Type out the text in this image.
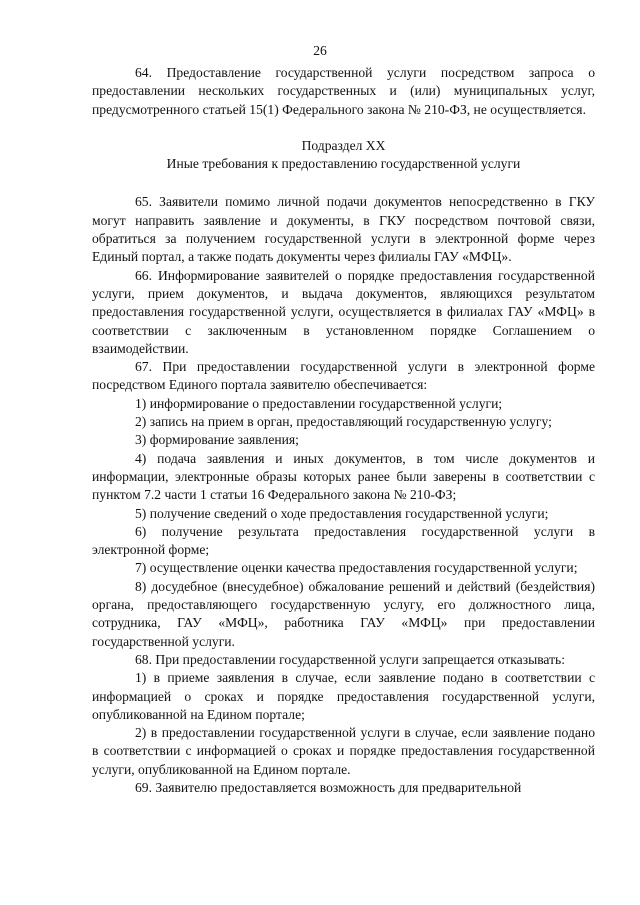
26

64. Предоставление государственной услуги посредством запроса о предоставлении нескольких государственных и (или) муниципальных услуг, предусмотренного статьей 15(1) Федерального закона № 210-ФЗ, не осуществляется.

Подраздел XX

Иные требования к предоставлению государственной услуги

65. Заявители помимо личной подачи документов непосредственно в ГКУ могут направить заявление и документы, в ГКУ посредством почтовой связи, обратиться за получением государственной услуги в электронной форме через Единый портал, а также подать документы через филиалы ГАУ «МФЦ».

66. Информирование заявителей о порядке предоставления государственной услуги, прием документов, и выдача документов, являющихся результатом предоставления государственной услуги, осуществляется в филиалах ГАУ «МФЦ» в соответствии с заключенным в установленном порядке Соглашением о взаимодействии.

67. При предоставлении государственной услуги в электронной форме посредством Единого портала заявителю обеспечивается:

1) информирование о предоставлении государственной услуги;

2) запись на прием в орган, предоставляющий государственную услугу;

3) формирование заявления;

4) подача заявления и иных документов, в том числе документов и информации, электронные образы которых ранее были заверены в соответствии с пунктом 7.2 части 1 статьи 16 Федерального закона № 210-ФЗ;

5) получение сведений о ходе предоставления государственной услуги;

6) получение результата предоставления государственной услуги в электронной форме;

7) осуществление оценки качества предоставления государственной услуги;

8) досудебное (внесудебное) обжалование решений и действий (бездействия) органа, предоставляющего государственную услугу, его должностного лица, сотрудника, ГАУ «МФЦ», работника ГАУ «МФЦ» при предоставлении государственной услуги.

68. При предоставлении государственной услуги запрещается отказывать:

1) в приеме заявления в случае, если заявление подано в соответствии с информацией о сроках и порядке предоставления государственной услуги, опубликованной на Едином портале;

2) в предоставлении государственной услуги в случае, если заявление подано в соответствии с информацией о сроках и порядке предоставления государственной услуги, опубликованной на Едином портале.

69. Заявителю предоставляется возможность для предварительной
